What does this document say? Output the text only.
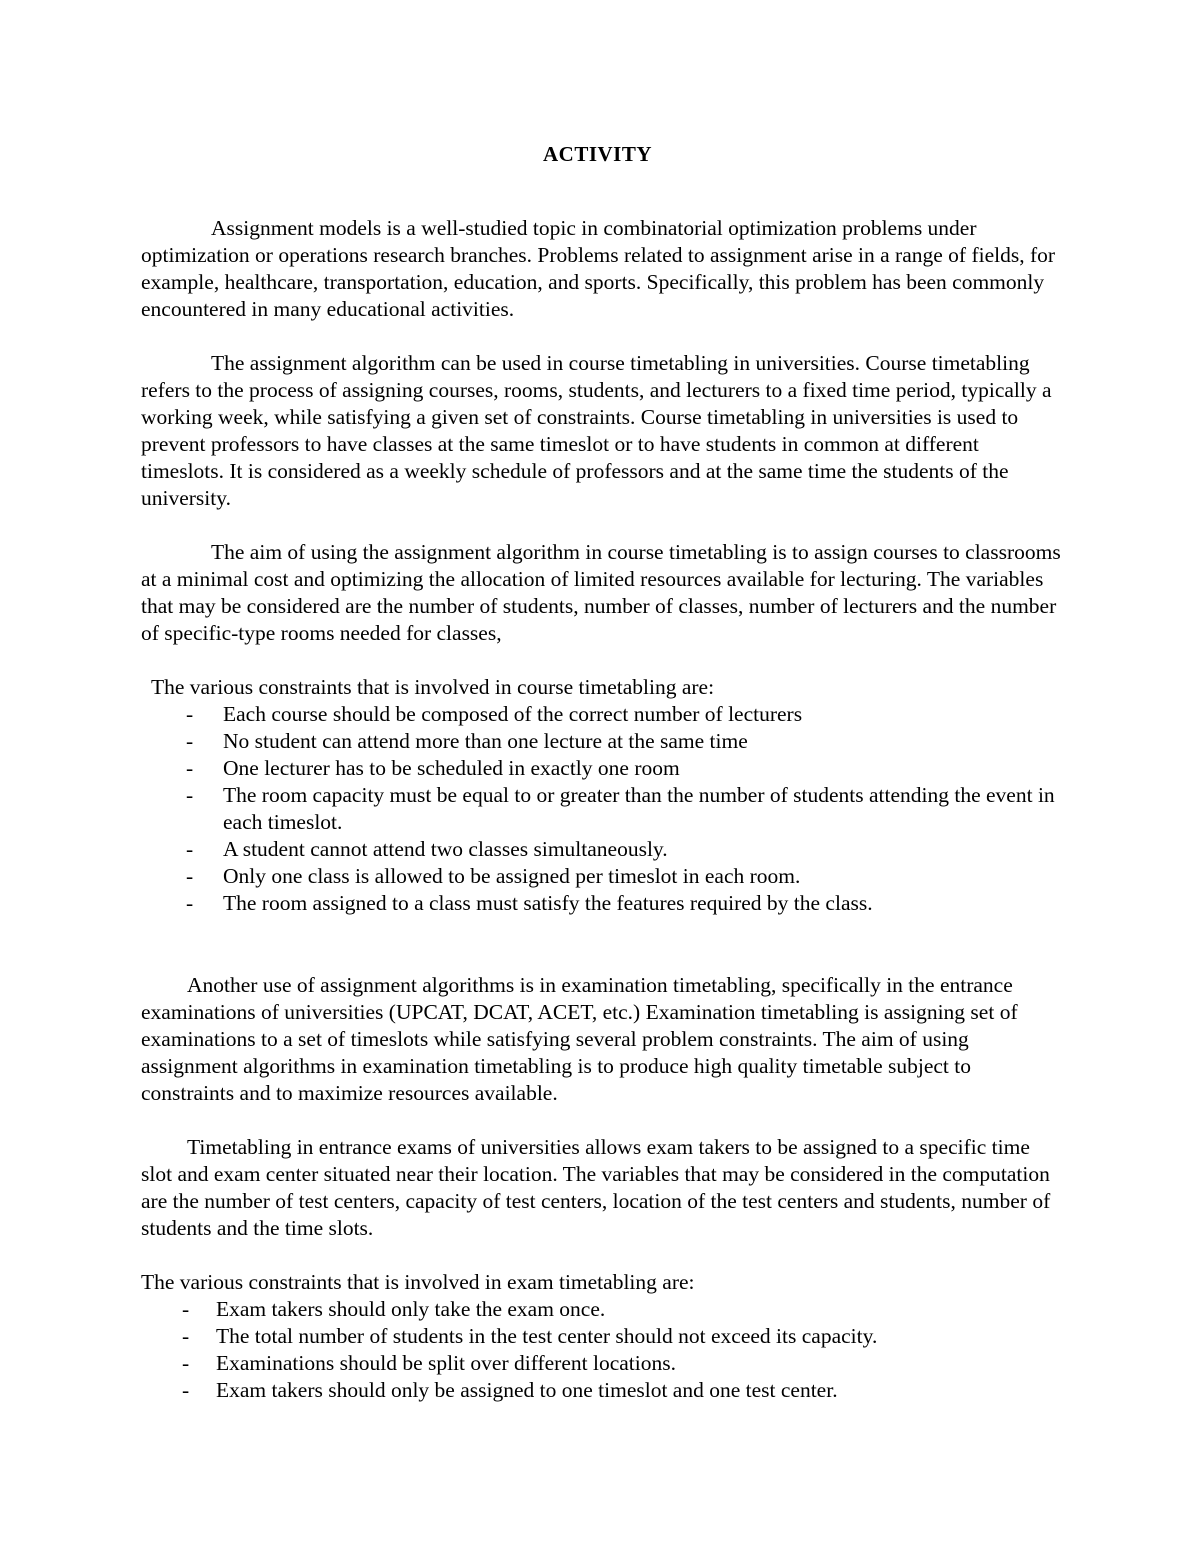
ACTIVITY

Assignment models is a well-studied topic in combinatorial optimization problems under optimization or operations research branches. Problems related to assignment arise in a range of fields, for example, healthcare, transportation, education, and sports. Specifically, this problem has been commonly encountered in many educational activities.

The assignment algorithm can be used in course timetabling in universities. Course timetabling refers to the process of assigning courses, rooms, students, and lecturers to a fixed time period, typically a working week, while satisfying a given set of constraints. Course timetabling in universities is used to prevent professors to have classes at the same timeslot or to have students in common at different timeslots. It is considered as a weekly schedule of professors and at the same time the students of the university.

The aim of using the assignment algorithm in course timetabling is to assign courses to classrooms at a minimal cost and optimizing the allocation of limited resources available for lecturing. The variables that may be considered are the number of students, number of classes, number of lecturers and the number of specific-type rooms needed for classes,

The various constraints that is involved in course timetabling are:

-	Each course should be composed of the correct number of lecturers
-	No student can attend more than one lecture at the same time
-	One lecturer has to be scheduled in exactly one room
-	The room capacity must be equal to or greater than the number of students attending the event in each timeslot.
-	A student cannot attend two classes simultaneously.
-	Only one class is allowed to be assigned per timeslot in each room.
-	The room assigned to a class must satisfy the features required by the class.

Another use of assignment algorithms is in examination timetabling, specifically in the entrance examinations of universities (UPCAT, DCAT, ACET, etc.) Examination timetabling is assigning set of examinations to a set of timeslots while satisfying several problem constraints. The aim of using assignment algorithms in examination timetabling is to produce high quality timetable subject to constraints and to maximize resources available.

Timetabling in entrance exams of universities allows exam takers to be assigned to a specific time slot and exam center situated near their location. The variables that may be considered in the computation are the number of test centers, capacity of test centers, location of the test centers and students, number of students and the time slots.

The various constraints that is involved in exam timetabling are:

-	Exam takers should only take the exam once.
-	The total number of students in the test center should not exceed its capacity.
-	Examinations should be split over different locations.
-	Exam takers should only be assigned to one timeslot and one test center.
